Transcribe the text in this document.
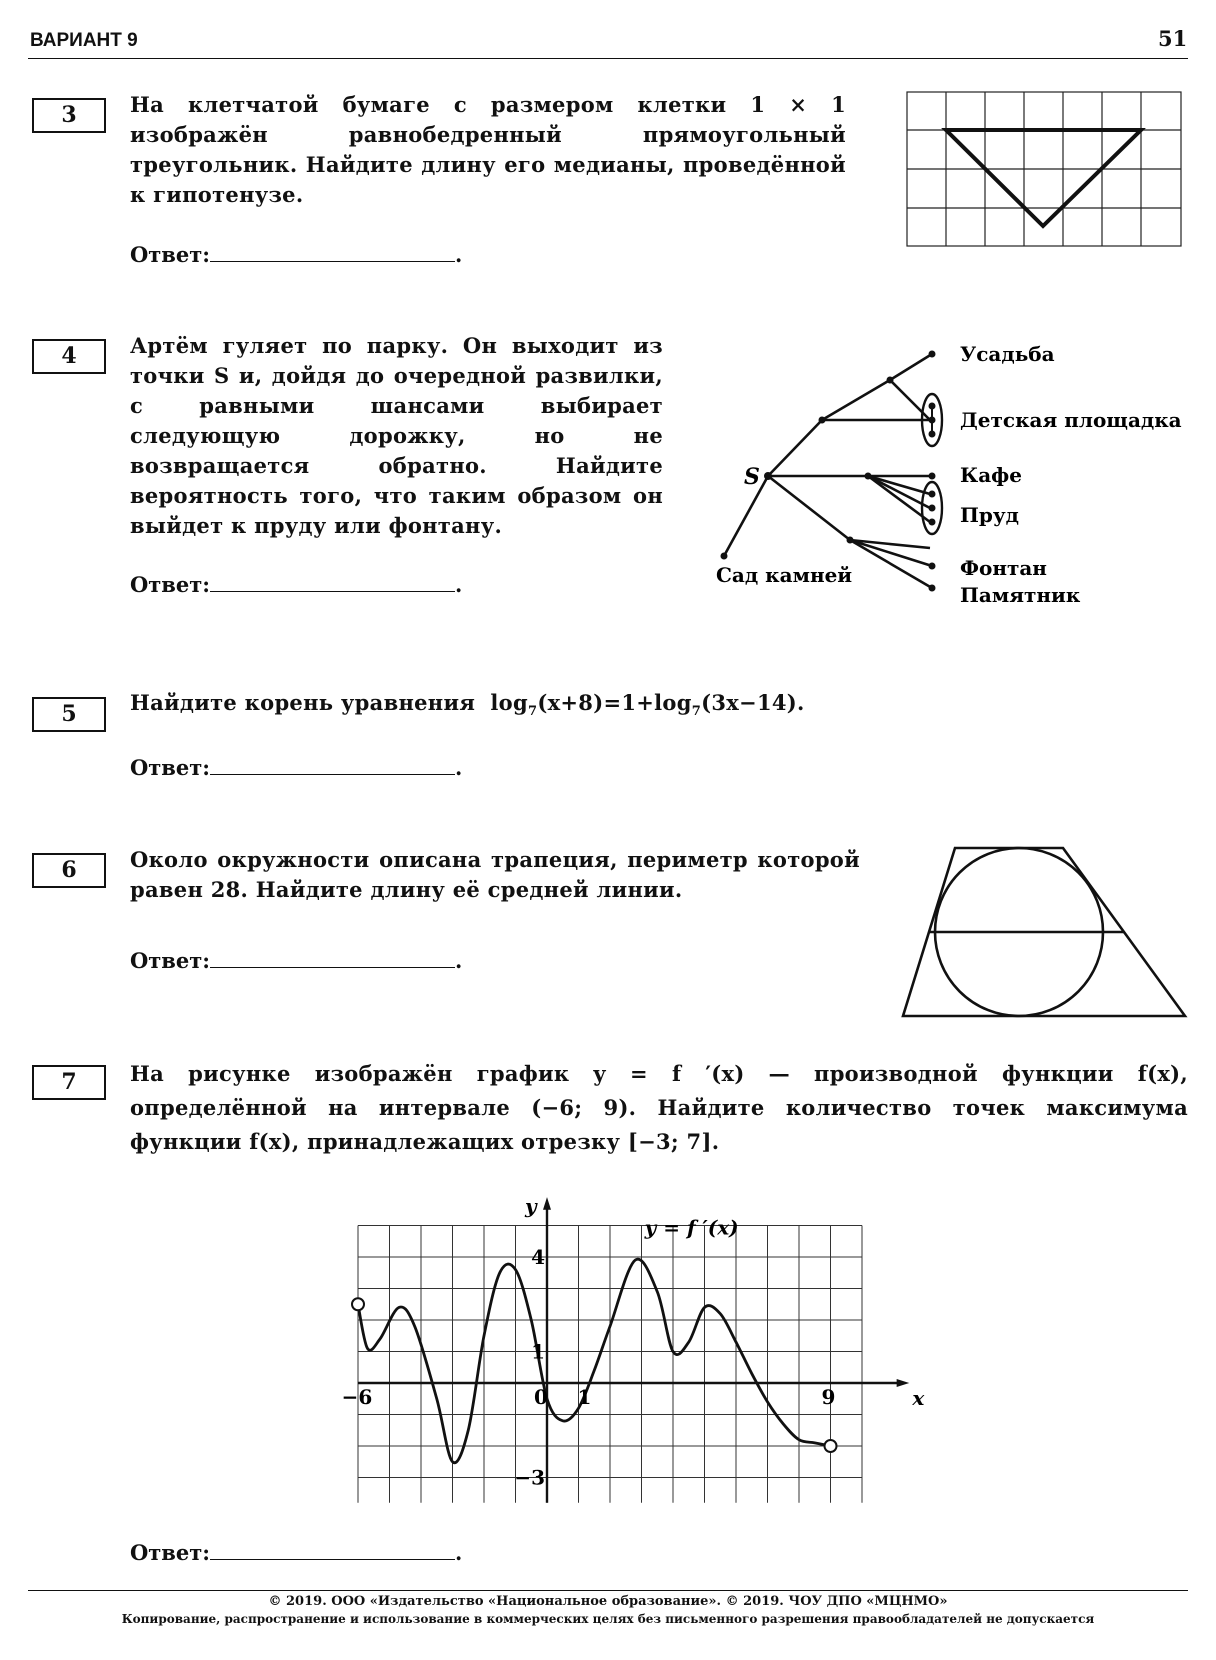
ВАРИАНТ 9	51
3	На клетчатой бумаге с размером клетки 1 × 1 изображён равнобедренный прямоугольный треугольник. Найдите длину его медианы, проведённой к гипотенузе.
Ответ:	.
4	Артём гуляет по парку. Он выходит из точки S и, дойдя до очередной развилки, с равными шансами выбирает следующую дорожку, но не возвращается обратно. Найдите вероятность того, что таким образом он выйдет к пруду или фонтану.
S
Усадьба
Детская площадка
Кафе
Пруд
Фонтан
Памятник
Сад камней
Ответ:	.
5	Найдите корень уравнения $\log_7(x+8)=1+\log_7(3x-14)$.
Ответ:	.
6	Около окружности описана трапеция, периметр которой равен 28. Найдите длину её средней линии.
Ответ:	.
7	На рисунке изображён график y = f ′(x) — производной функции f(x), определённой на интервале (−6; 9). Найдите количество точек максимума функции f(x), принадлежащих отрезку [−3; 7].
−6	0 1	9
4
1
−3
x
y
y = f ′(x)
Ответ:	.
© 2019. ООО «Издательство «Национальное образование». © 2019. ЧОУ ДПО «МЦНМО»
Копирование, распространение и использование в коммерческих целях без письменного разрешения правообладателей не допускается
